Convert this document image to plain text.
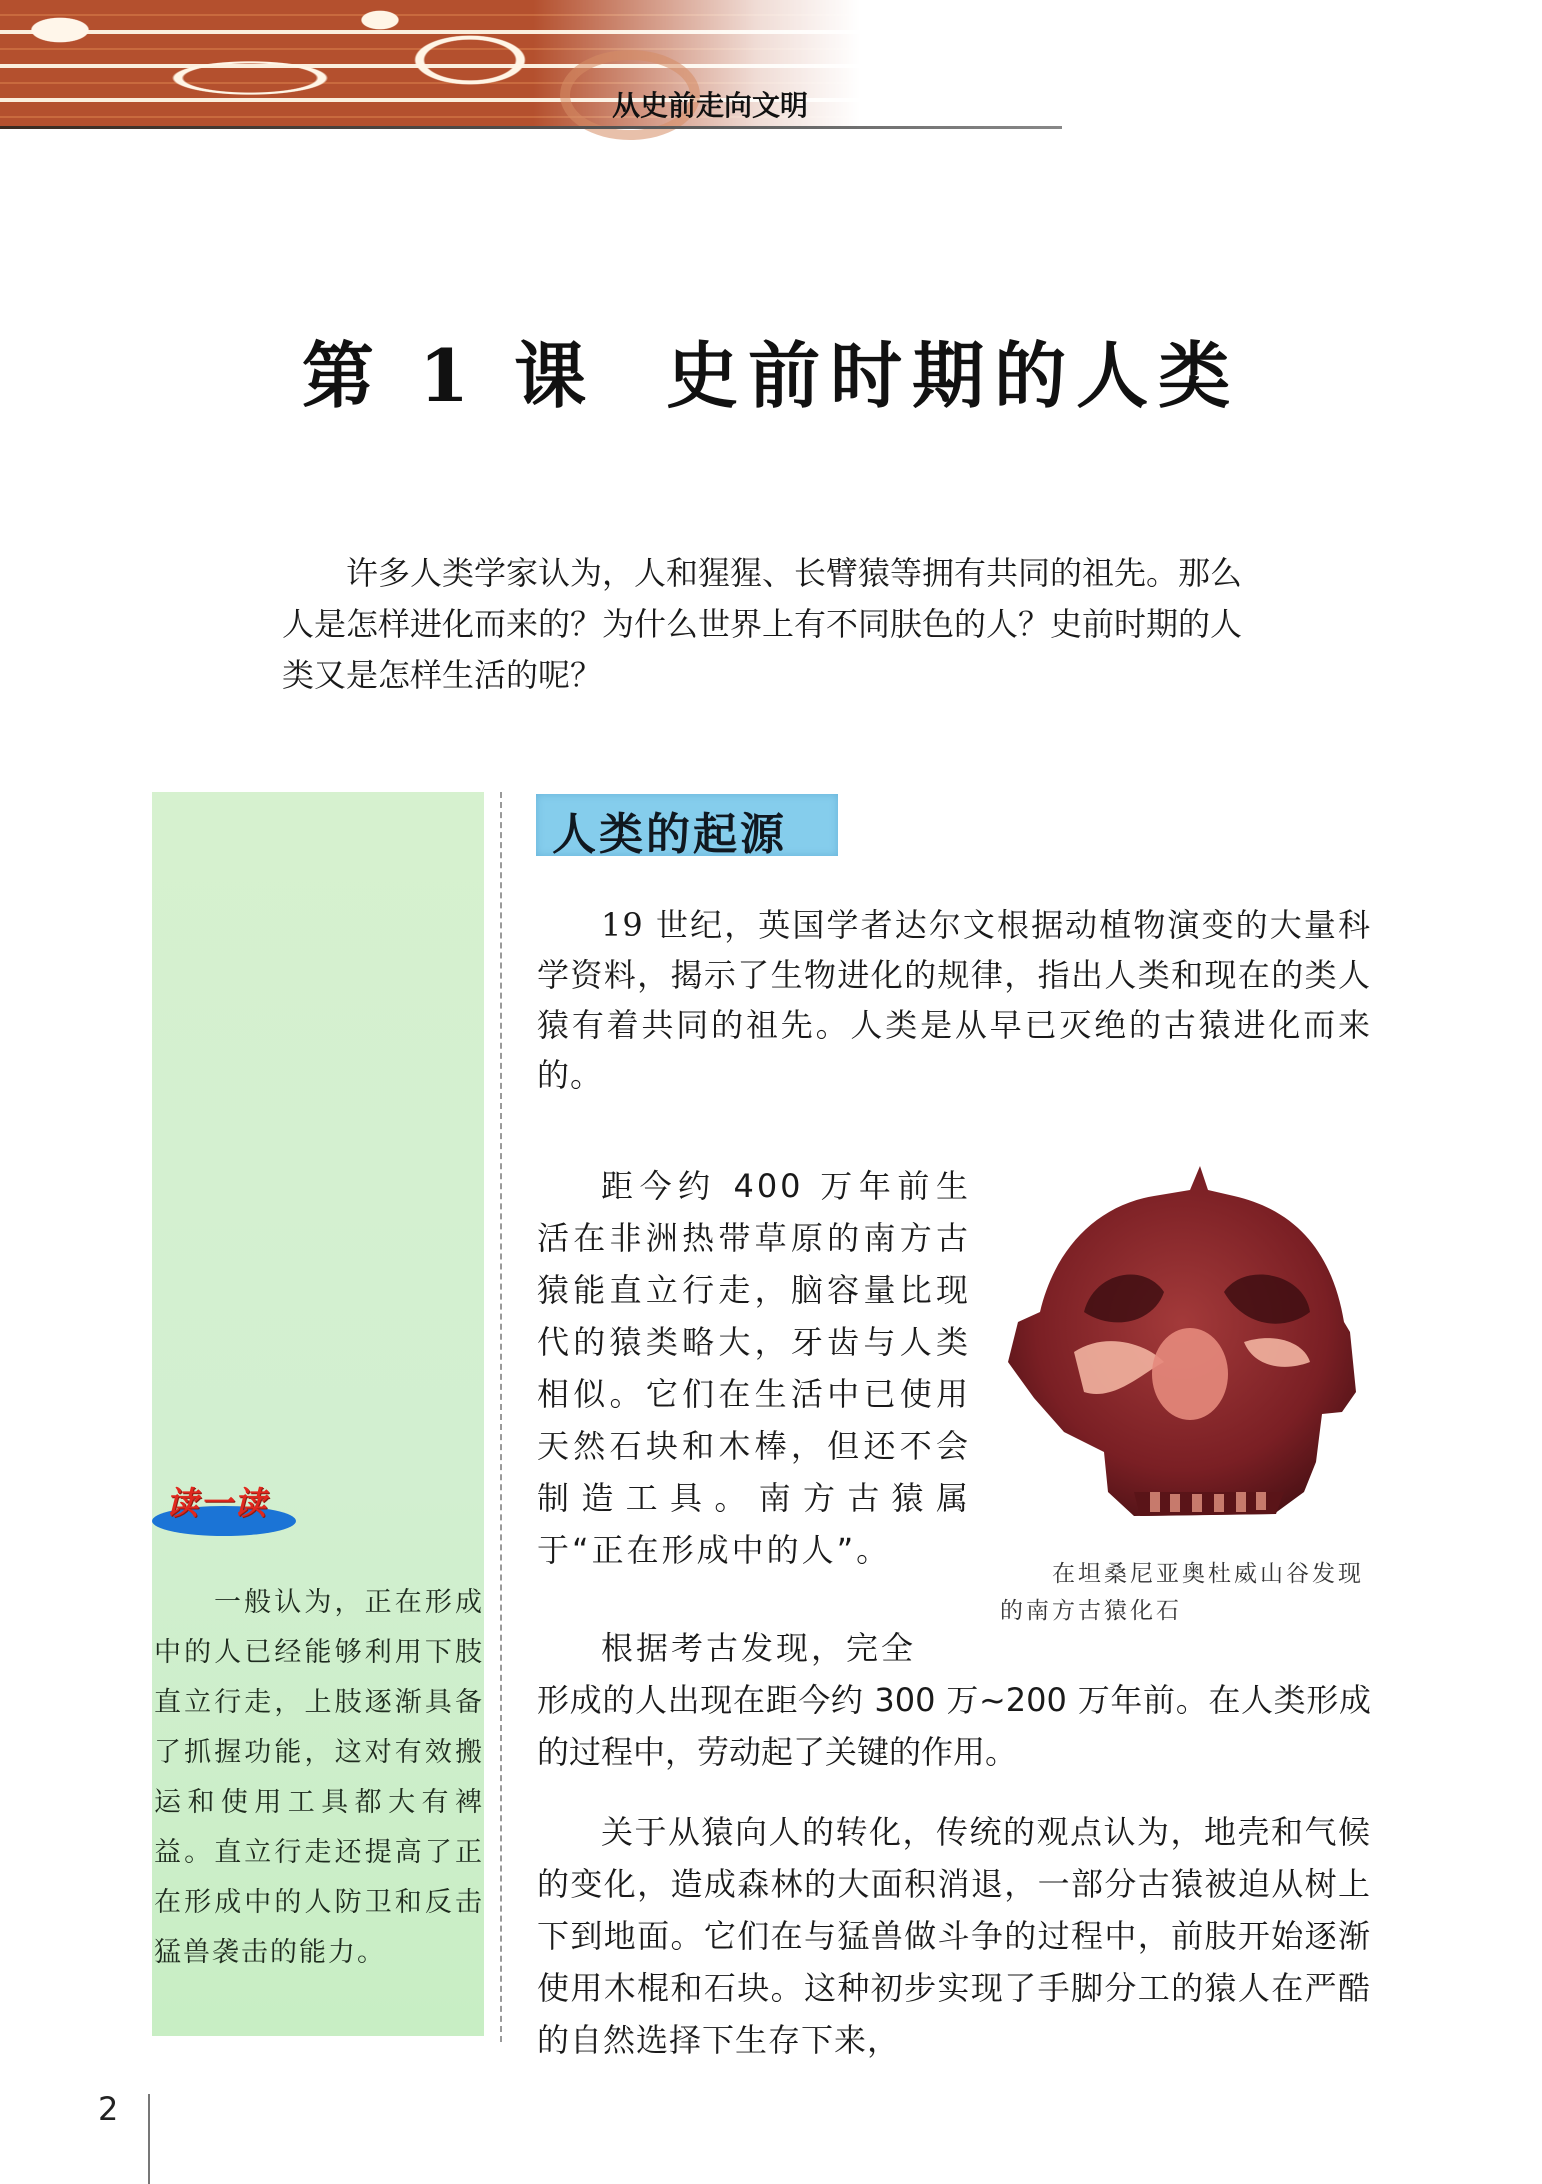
从史前走向文明
第 1 课 史前时期的人类
许多人类学家认为，人和猩猩、长臂猿等拥有共同的祖先。那么人是怎样进化而来的？为什么世界上有不同肤色的人？史前时期的人类又是怎样生活的呢？
读一读
一般认为，正在形成中的人已经能够利用下肢直立行走，上肢逐渐具备了抓握功能，这对有效搬运和使用工具都大有裨益。直立行走还提高了正在形成中的人防卫和反击猛兽袭击的能力。
人类的起源
19 世纪，英国学者达尔文根据动植物演变的大量科学资料，揭示了生物进化的规律，指出人类和现在的类人猿有着共同的祖先。人类是从早已灭绝的古猿进化而来的。
距今约 400 万年前生活在非洲热带草原的南方古猿能直立行走，脑容量比现代的猿类略大，牙齿与人类相似。它们在生活中已使用天然石块和木棒，但还不会制造工具。南方古猿属于“正在形成中的人”。
根据考古发现，完全
形成的人出现在距今约 300 万~200 万年前。在人类形成的过程中，劳动起了关键的作用。
关于从猿向人的转化，传统的观点认为，地壳和气候的变化，造成森林的大面积消退，一部分古猿被迫从树上下到地面。它们在与猛兽做斗争的过程中，前肢开始逐渐使用木棍和石块。这种初步实现了手脚分工的猿人在严酷的自然选择下生存下来，
在坦桑尼亚奥杜威山谷发现的南方古猿化石
2
